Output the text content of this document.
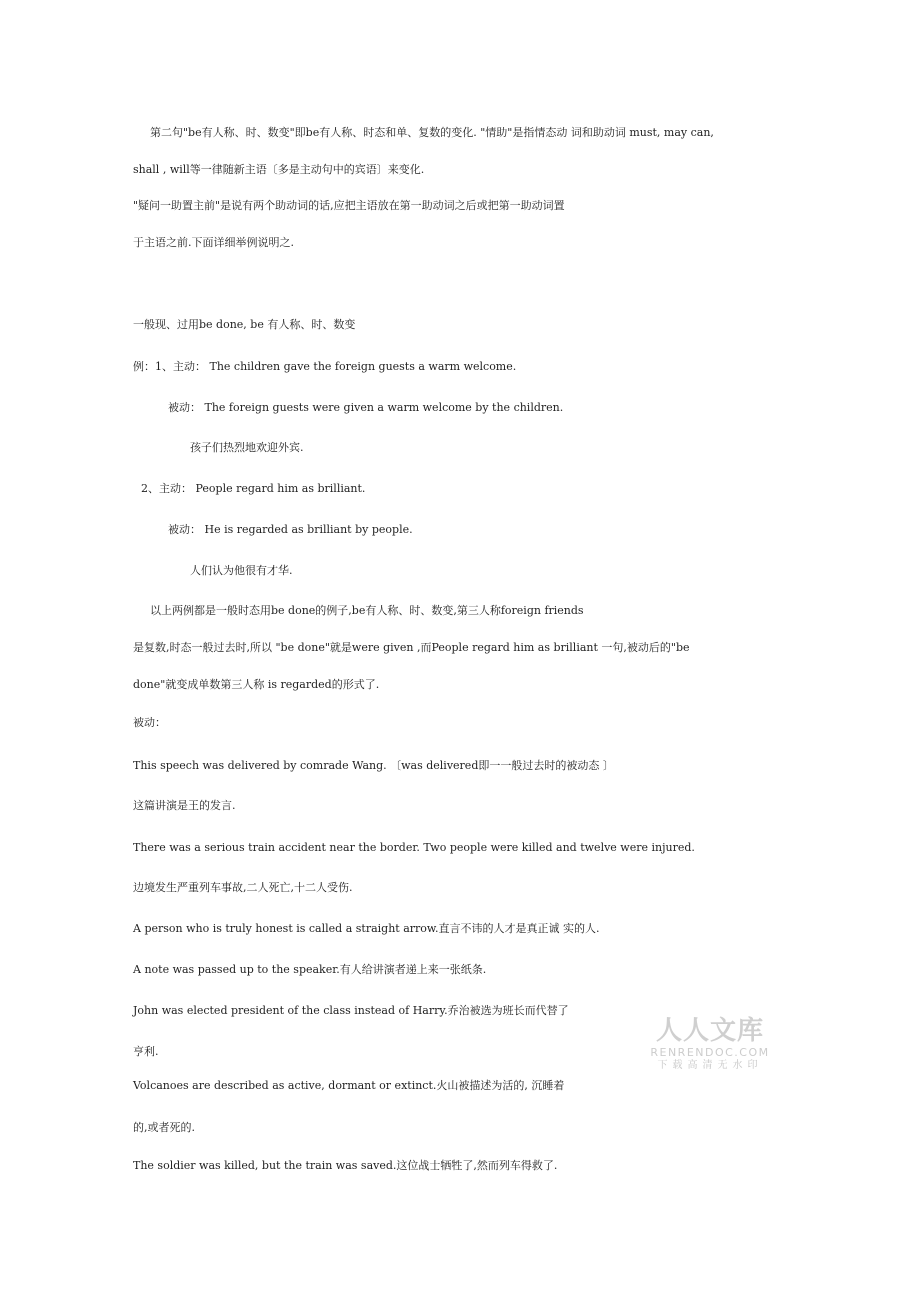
第二句"be有人称、时、数变"即be有人称、时态和单、复数的变化. "情助"是指情态动 词和助动词 must, may can,
shall , will等一律随新主语〔多是主动句中的宾语〕来变化.
"疑问一助置主前"是说有两个助动词的话,应把主语放在第一助动词之后或把第一助动词置
于主语之前.下面详细举例说明之.
一般现、过用be done, be 有人称、时、数变
例：1、主动： The children gave the foreign guests a warm welcome.
被动： The foreign guests were given a warm welcome by the children.
孩子们热烈地欢迎外宾.
2、主动： People regard him as brilliant.
被动： He is regarded as brilliant by people.
人们认为他很有才华.
以上两例都是一般时态用be done的例子,be有人称、时、数变,第三人称foreign friends
是复数,时态一般过去时,所以 "be done"就是were given ,而People regard him as brilliant 一句,被动后的"be
done"就变成单数第三人称 is regarded的形式了.
被动：
This speech was delivered by comrade Wang. 〔was delivered即一一般过去时的被动态 〕
这篇讲演是王的发言.
There was a serious train accident near the border. Two people were killed and twelve were injured.
边境发生严重列车事故,二人死亡,十二人受伤.
A person who is truly honest is called a straight arrow.直言不讳的人才是真正诚 实的人.
A note was passed up to the speaker.有人给讲演者递上来一张纸条.
John was elected president of the class instead of Harry.乔治被选为班长而代替了
亨利.
Volcanoes are described as active, dormant or extinct.火山被描述为活的, 沉睡着
的,或者死的.
The soldier was killed, but the train was saved.这位战士牺牲了,然而列车得救了.
人人文库
RENRENDOC.COM
下载高清无水印
